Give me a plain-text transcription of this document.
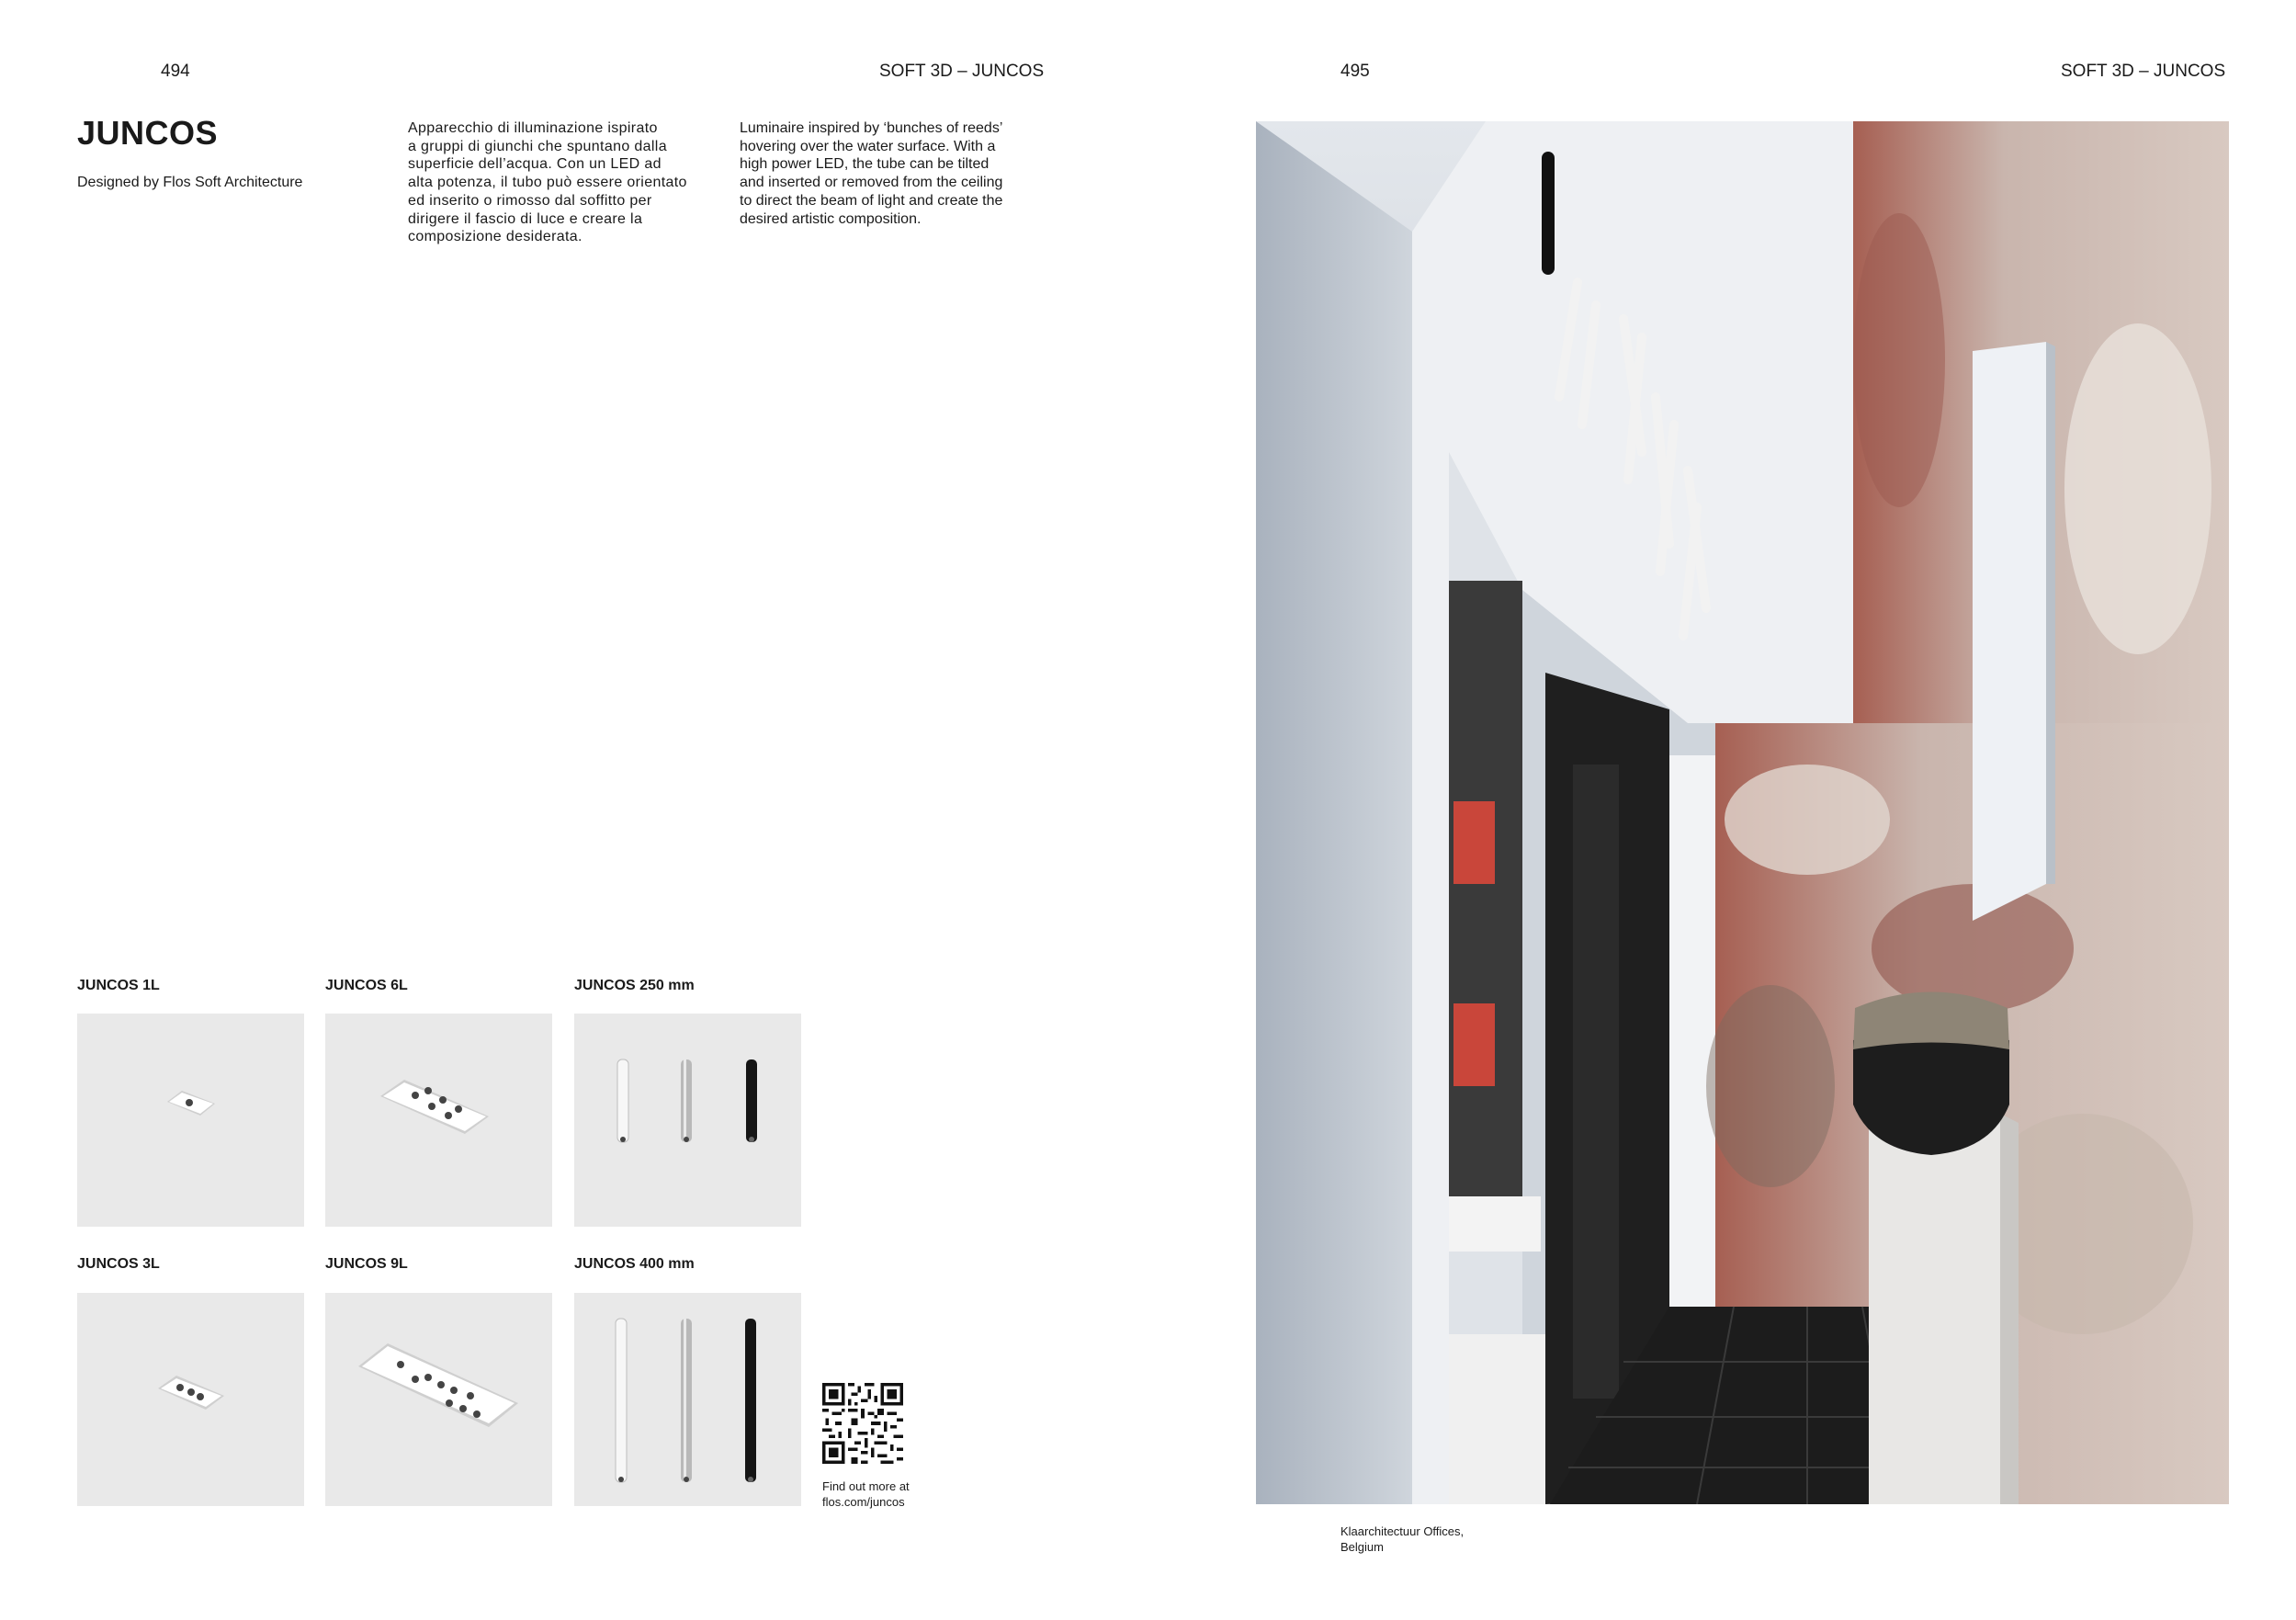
494	SOFT 3D – JUNCOS	495	SOFT 3D – JUNCOS
JUNCOS
Designed by Flos Soft Architecture
Apparecchio di illuminazione ispirato
a gruppi di giunchi che spuntano dalla
superficie dell’acqua. Con un LED ad
alta potenza, il tubo può essere orientato
ed inserito o rimosso dal soffitto per
dirigere il fascio di luce e creare la
composizione desiderata.
Luminaire inspired by ‘bunches of reeds’
hovering over the water surface. With a
high power LED, the tube can be tilted
and inserted or removed from the ceiling
to direct the beam of light and create the
desired artistic composition.
JUNCOS 1L	JUNCOS 6L	JUNCOS 250 mm
JUNCOS 3L	JUNCOS 9L	JUNCOS 400 mm
Find out more at
flos.com/juncos
Klaarchitectuur Offices,
Belgium
